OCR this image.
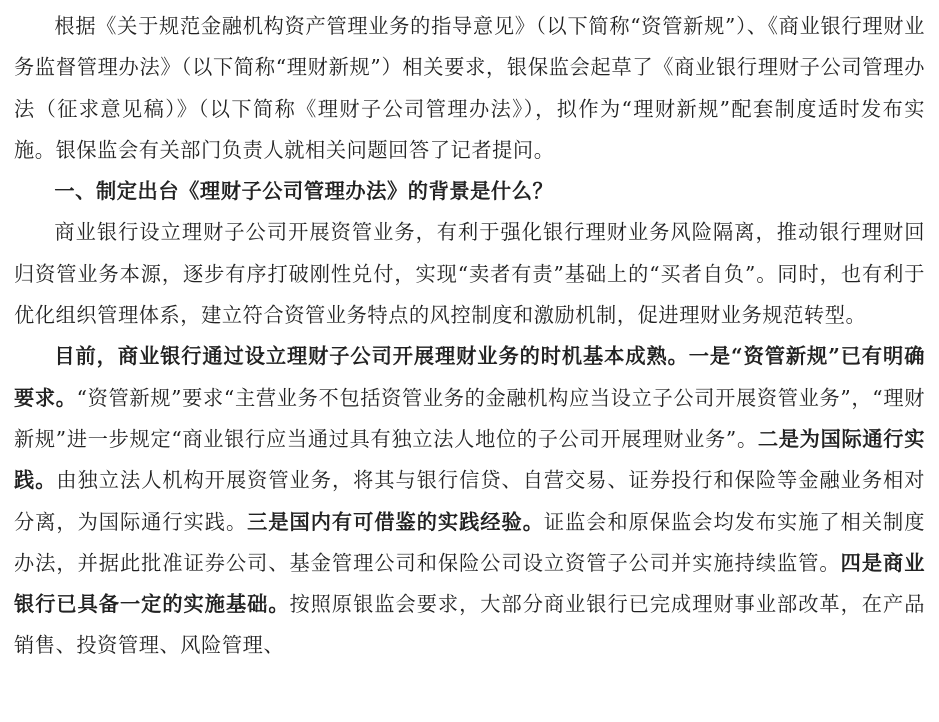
根据《关于规范金融机构资产管理业务的指导意见》（以下简称“资管新规”）、《商业银行理财业务监督管理办法》（以下简称“理财新规”）相关要求，银保监会起草了《商业银行理财子公司管理办法（征求意见稿）》（以下简称《理财子公司管理办法》），拟作为“理财新规”配套制度适时发布实施。银保监会有关部门负责人就相关问题回答了记者提问。

一、制定出台《理财子公司管理办法》的背景是什么？

商业银行设立理财子公司开展资管业务，有利于强化银行理财业务风险隔离，推动银行理财回归资管业务本源，逐步有序打破刚性兑付，实现“卖者有责”基础上的“买者自负”。同时，也有利于优化组织管理体系，建立符合资管业务特点的风控制度和激励机制，促进理财业务规范转型。

目前，商业银行通过设立理财子公司开展理财业务的时机基本成熟。一是“资管新规”已有明确要求。“资管新规”要求“主营业务不包括资管业务的金融机构应当设立子公司开展资管业务”，“理财新规”进一步规定“商业银行应当通过具有独立法人地位的子公司开展理财业务”。二是为国际通行实践。由独立法人机构开展资管业务，将其与银行信贷、自营交易、证券投行和保险等金融业务相对分离，为国际通行实践。三是国内有可借鉴的实践经验。证监会和原保监会均发布实施了相关制度办法，并据此批准证券公司、基金管理公司和保险公司设立资管子公司并实施持续监管。四是商业银行已具备一定的实施基础。按照原银监会要求，大部分商业银行已完成理财事业部改革，在产品销售、投资管理、风险管理、
